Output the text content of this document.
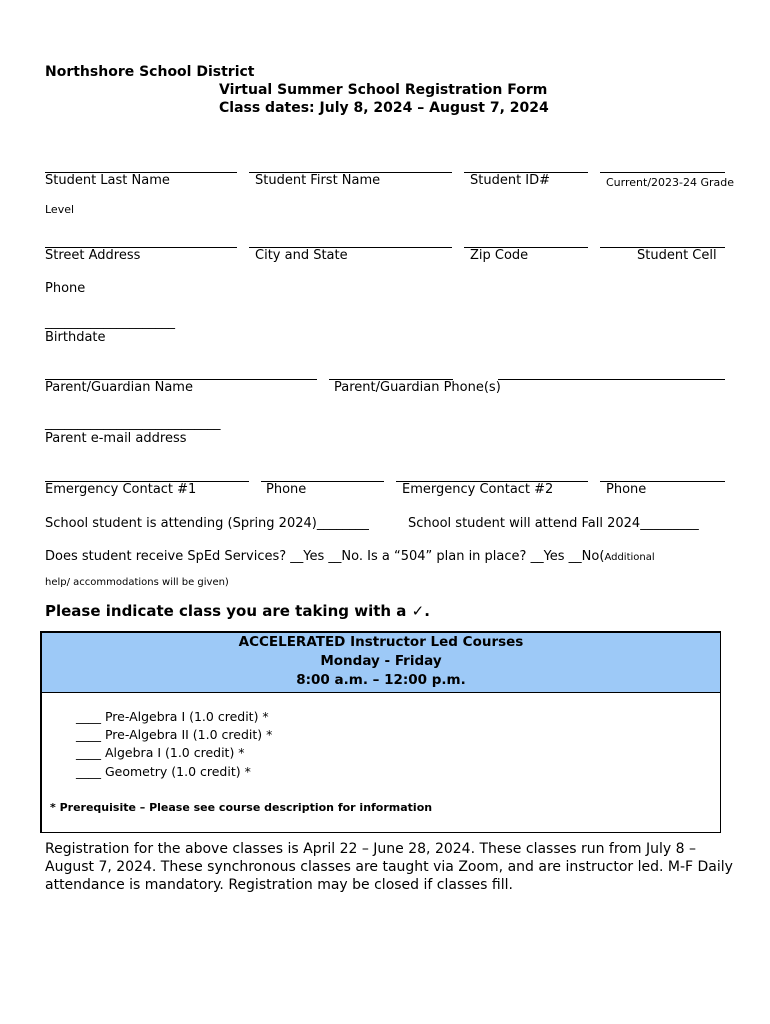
Northshore School District
Virtual Summer School Registration Form
Class dates: July 8, 2024 – August 7, 2024
Student Last Name	Student First Name	Student ID#	Current/2023-24 Grade
Level
Street Address	City and State	Zip Code	Student Cell
Phone
____________________
Birthdate
Parent/Guardian Name	Parent/Guardian Phone(s)
___________________________
Parent e-mail address
Emergency Contact #1	Phone	Emergency Contact #2	Phone
School student is attending (Spring 2024)________	School student will attend Fall 2024_________
Does student receive SpEd Services? __Yes __No. Is a “504” plan in place? __Yes __No(Additional
help/ accommodations will be given)
Please indicate class you are taking with a ✓.
ACCELERATED Instructor Led Courses
Monday - Friday
8:00 a.m. – 12:00 p.m.
____ Pre-Algebra I (1.0 credit) *
____ Pre-Algebra II (1.0 credit) *
____ Algebra I (1.0 credit) *
____ Geometry (1.0 credit) *
* Prerequisite – Please see course description for information
Registration for the above classes is April 22 – June 28, 2024. These classes run from July 8 – August 7, 2024. These synchronous classes are taught via Zoom, and are instructor led. M-F Daily attendance is mandatory. Registration may be closed if classes fill.
